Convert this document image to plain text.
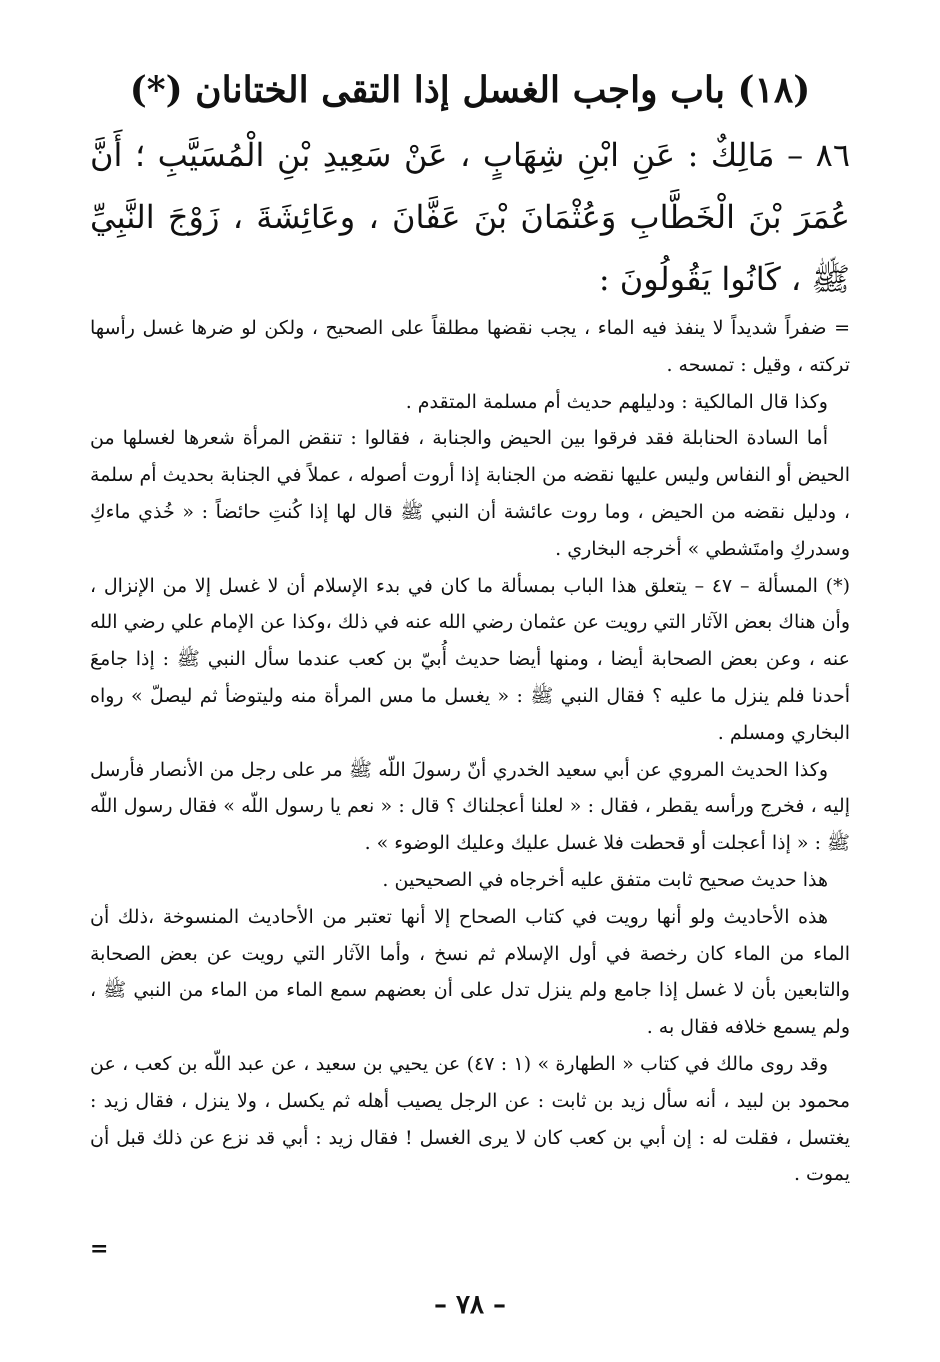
(١٨) باب واجب الغسل إذا التقى الختانان (*)

٨٦ – مَالِكٌ : عَنِ ابْنِ شِهَابٍ ، عَنْ سَعِيدِ بْنِ الْمُسَيَّبِ ؛ أَنَّ عُمَرَ بْنَ الْخَطَّابِ وَعُثْمَانَ بْنَ عَفَّانَ ، وعَائِشَةَ ، زَوْجَ النَّبِيِّ ﷺ ، كَانُوا يَقُولُونَ :

= ضفراً شديداً لا ينفذ فيه الماء ، يجب نقضها مطلقاً على الصحيح ، ولكن لو ضرها غسل رأسها تركته ، وقيل : تمسحه .

وكذا قال المالكية : ودليلهم حديث أم مسلمة المتقدم .

أما السادة الحنابلة فقد فرقوا بين الحيض والجنابة ، فقالوا : تنقض المرأة شعرها لغسلها من الحيض أو النفاس وليس عليها نقضه من الجنابة إذا أروت أصوله ، عملاً في الجنابة بحديث أم سلمة ، ودليل نقضه من الحيض ، وما روت عائشة أن النبي ﷺ قال لها إذا كُنتِ حائضاً : « خُذي ماءكِ وسدركِ وامتَشطي » أخرجه البخاري .

(*) المسألة – ٤٧ – يتعلق هذا الباب بمسألة ما كان في بدء الإسلام أن لا غسل إلا من الإنزال ، وأن هناك بعض الآثار التي رويت عن عثمان رضي الله عنه في ذلك ،وكذا عن الإمام علي رضي الله عنه ، وعن بعض الصحابة أيضا ، ومنها أيضا حديث أُبيّ بن كعب عندما سأل النبي ﷺ : إذا جامعَ أحدنا فلم ينزل ما عليه ؟ فقال النبي ﷺ : « يغسل ما مس المرأة منه وليتوضأ ثم ليصلّ » رواه البخاري ومسلم .

وكذا الحديث المروي عن أبي سعيد الخدري أنّ رسولَ اللّه ﷺ مر على رجل من الأنصار فأرسل إليه ، فخرج ورأسه يقطر ، فقال : « لعلنا أعجلناك ؟ قال : « نعم يا رسول اللّه » فقال رسول اللّه ﷺ : « إذا أعجلت أو قحطت فلا غسل عليك وعليك الوضوء » .

هذا حديث صحيح ثابت متفق عليه أخرجاه في الصحيحين .

هذه الأحاديث ولو أنها رويت في كتاب الصحاح إلا أنها تعتبر من الأحاديث المنسوخة ،ذلك أن الماء من الماء كان رخصة في أول الإسلام ثم نسخ ، وأما الآثار التي رويت عن بعض الصحابة والتابعين بأن لا غسل إذا جامع ولم ينزل تدل على أن بعضهم سمع الماء من الماء من النبي ﷺ ، ولم يسمع خلافه فقال به .

وقد روى مالك في كتاب « الطهارة » (١ : ٤٧) عن يحيي بن سعيد ، عن عبد اللّه بن كعب ، عن محمود بن لبيد ، أنه سأل زيد بن ثابت : عن الرجل يصيب أهله ثم يكسل ، ولا ينزل ، فقال زيد : يغتسل ، فقلت له : إن أبي بن كعب كان لا يرى الغسل ! فقال زيد : أبي قد نزع عن ذلك قبل أن يموت .

=
– ٧٨ –
